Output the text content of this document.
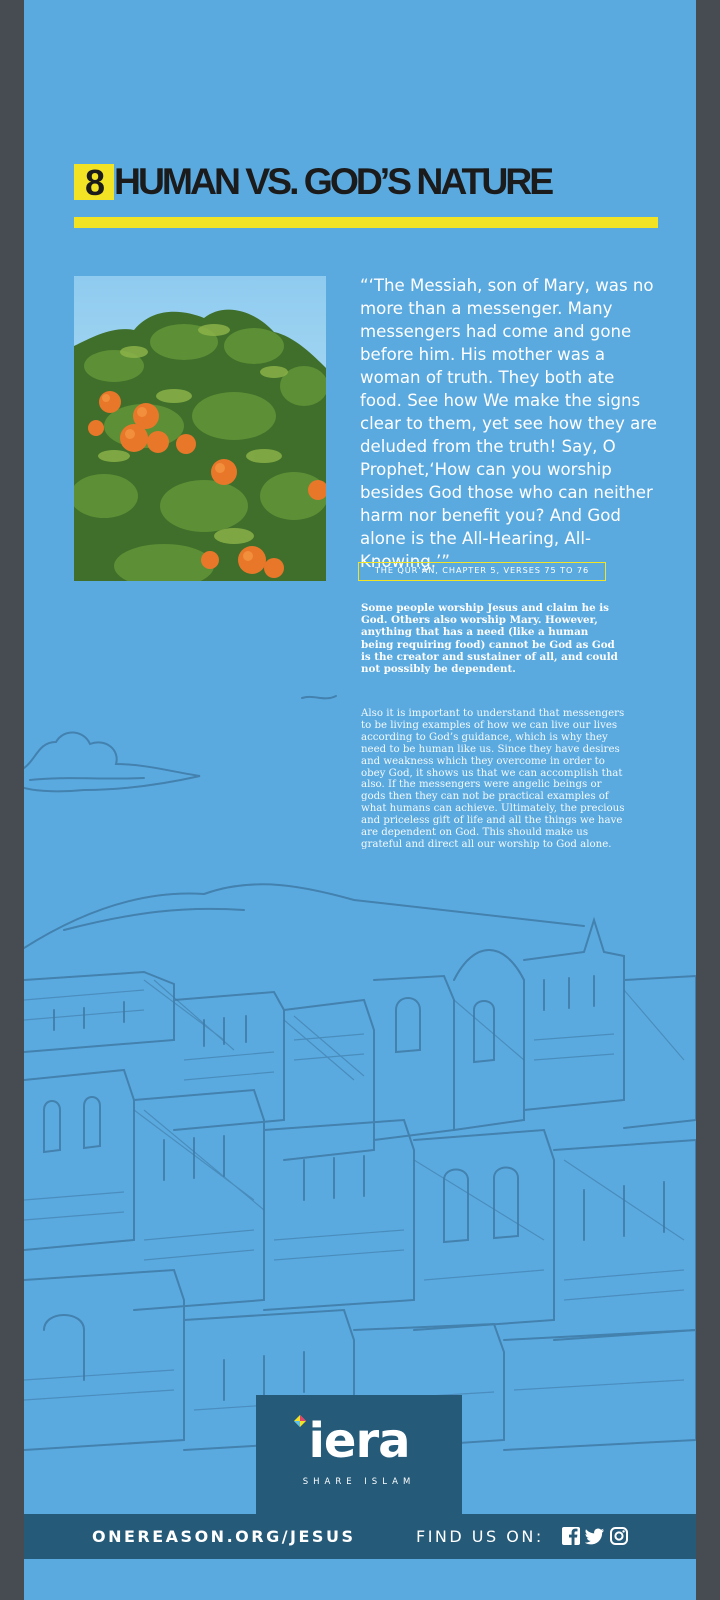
8 HUMAN VS. GOD’S NATURE
“‘The Messiah, son of Mary, was no more than a messenger. Many messengers had come and gone before him. His mother was a woman of truth. They both ate food. See how We make the signs clear to them, yet see how they are deluded from the truth! Say, O Prophet,‘How can you worship besides God those who can neither harm nor benefit you? And God alone is the All-Hearing, All-Knowing.’”
THE QUR’AN, CHAPTER 5, VERSES 75 TO 76
Some people worship Jesus and claim he is God. Others also worship Mary. However, anything that has a need (like a human being requiring food) cannot be God as God is the creator and sustainer of all, and could not possibly be dependent.
Also it is important to understand that messengers to be living examples of how we can live our lives according to God’s guidance, which is why they need to be human like us. Since they have desires and weakness which they overcome in order to obey God, it shows us that we can accomplish that also. If the messengers were angelic beings or gods then they can not be practical examples of what humans can achieve. Ultimately, the precious and priceless gift of life and all the things we have are dependent on God. This should make us grateful and direct all our worship to God alone.
iera
SHARE ISLAM
ONEREASON.ORG/JESUS	FIND US ON:
